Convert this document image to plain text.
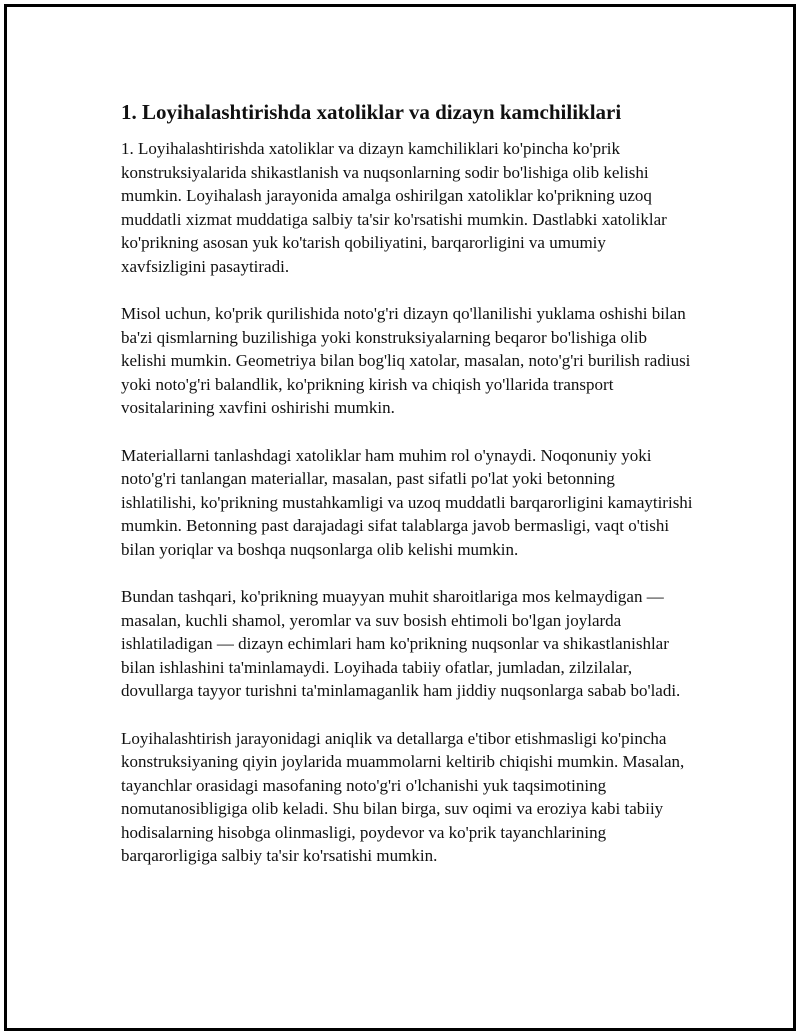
1. Loyihalashtirishda xatoliklar va dizayn kamchiliklari

1. Loyihalashtirishda xatoliklar va dizayn kamchiliklari ko'pincha ko'prik konstruksiyalarida shikastlanish va nuqsonlarning sodir bo'lishiga olib kelishi mumkin. Loyihalash jarayonida amalga oshirilgan xatoliklar ko'prikning uzoq muddatli xizmat muddatiga salbiy ta'sir ko'rsatishi mumkin. Dastlabki xatoliklar ko'prikning asosan yuk ko'tarish qobiliyatini, barqarorligini va umumiy xavfsizligini pasaytiradi.

Misol uchun, ko'prik qurilishida noto'g'ri dizayn qo'llanilishi yuklama oshishi bilan ba'zi qismlarning buzilishiga yoki konstruksiyalarning beqaror bo'lishiga olib kelishi mumkin. Geometriya bilan bog'liq xatolar, masalan, noto'g'ri burilish radiusi yoki noto'g'ri balandlik, ko'prikning kirish va chiqish yo'llarida transport vositalarining xavfini oshirishi mumkin.

Materiallarni tanlashdagi xatoliklar ham muhim rol o'ynaydi. Noqonuniy yoki noto'g'ri tanlangan materiallar, masalan, past sifatli po'lat yoki betonning ishlatilishi, ko'prikning mustahkamligi va uzoq muddatli barqarorligini kamaytirishi mumkin. Betonning past darajadagi sifat talablarga javob bermasligi, vaqt o'tishi bilan yoriqlar va boshqa nuqsonlarga olib kelishi mumkin.

Bundan tashqari, ko'prikning muayyan muhit sharoitlariga mos kelmaydigan — masalan, kuchli shamol, yeromlar va suv bosish ehtimoli bo'lgan joylarda ishlatiladigan — dizayn echimlari ham ko'prikning nuqsonlar va shikastlanishlar bilan ishlashini ta'minlamaydi. Loyihada tabiiy ofatlar, jumladan, zilzilalar, dovullarga tayyor turishni ta'minlamaganlik ham jiddiy nuqsonlarga sabab bo'ladi.

Loyihalashtirish jarayonidagi aniqlik va detallarga e'tibor etishmasligi ko'pincha konstruksiyaning qiyin joylarida muammolarni keltirib chiqishi mumkin. Masalan, tayanchlar orasidagi masofaning noto'g'ri o'lchanishi yuk taqsimotining nomutanosibligiga olib keladi. Shu bilan birga, suv oqimi va eroziya kabi tabiiy hodisalarning hisobga olinmasligi, poydevor va ko'prik tayanchlarining barqarorligiga salbiy ta'sir ko'rsatishi mumkin.
